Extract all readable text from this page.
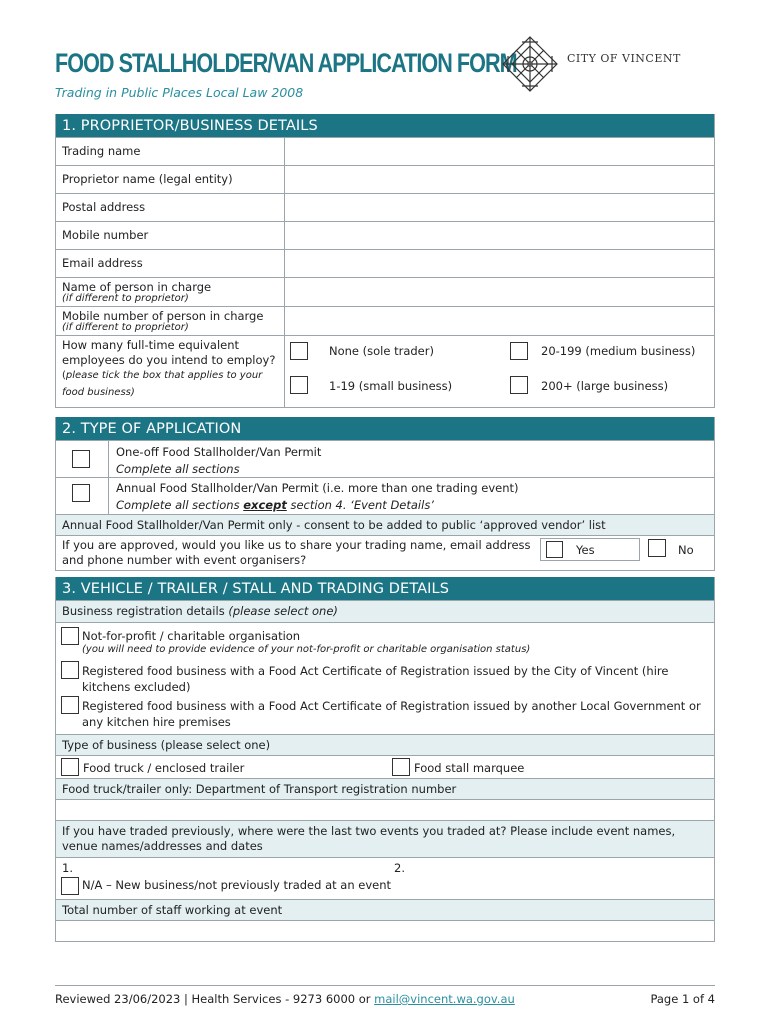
FOOD STALLHOLDER/VAN APPLICATION FORM
Trading in Public Places Local Law 2008
CITY OF VINCENT
1. PROPRIETOR/BUSINESS DETAILS
Trading name
Proprietor name (legal entity)
Postal address
Mobile number
Email address
Name of person in charge
(if different to proprietor)
Mobile number of person in charge
(if different to proprietor)
How many full-time equivalent employees do you intend to employ?
(please tick the box that applies to your food business)
None (sole trader)	20-199 (medium business)
1-19 (small business)	200+ (large business)
2. TYPE OF APPLICATION
One-off Food Stallholder/Van Permit
Complete all sections
Annual Food Stallholder/Van Permit (i.e. more than one trading event)
Complete all sections except section 4. ‘Event Details’
Annual Food Stallholder/Van Permit only - consent to be added to public ‘approved vendor’ list
If you are approved, would you like us to share your trading name, email address and phone number with event organisers?
Yes	No
3. VEHICLE / TRAILER / STALL AND TRADING DETAILS
Business registration details (please select one)
Not-for-profit / charitable organisation
(you will need to provide evidence of your not-for-profit or charitable organisation status)
Registered food business with a Food Act Certificate of Registration issued by the City of Vincent (hire kitchens excluded)
Registered food business with a Food Act Certificate of Registration issued by another Local Government or any kitchen hire premises
Type of business (please select one)
Food truck / enclosed trailer	Food stall marquee
Food truck/trailer only: Department of Transport registration number
If you have traded previously, where were the last two events you traded at? Please include event names, venue names/addresses and dates
1.	2.
N/A – New business/not previously traded at an event
Total number of staff working at event
Reviewed 23/06/2023 | Health Services - 9273 6000 or mail@vincent.wa.gov.au	Page 1 of 4
